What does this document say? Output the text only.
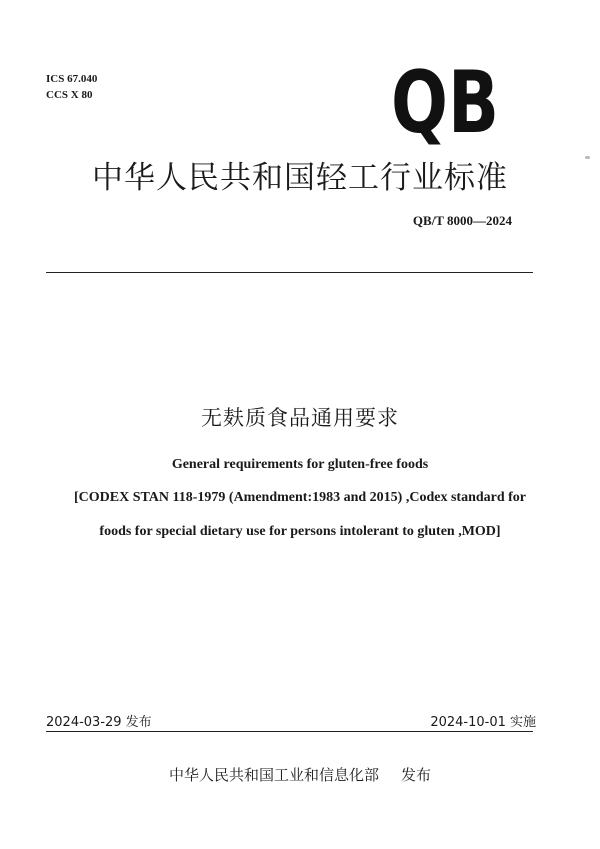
ICS 67.040
CCS X 80	QB
中华人民共和国轻工行业标准
QB/T 8000—2024
无麸质食品通用要求
General requirements for gluten-free foods
[CODEX STAN 118-1979 (Amendment:1983 and 2015) ,Codex standard for
foods for special dietary use for persons intolerant to gluten ,MOD]
2024-03-29 发布	2024-10-01 实施
中华人民共和国工业和信息化部 发布
